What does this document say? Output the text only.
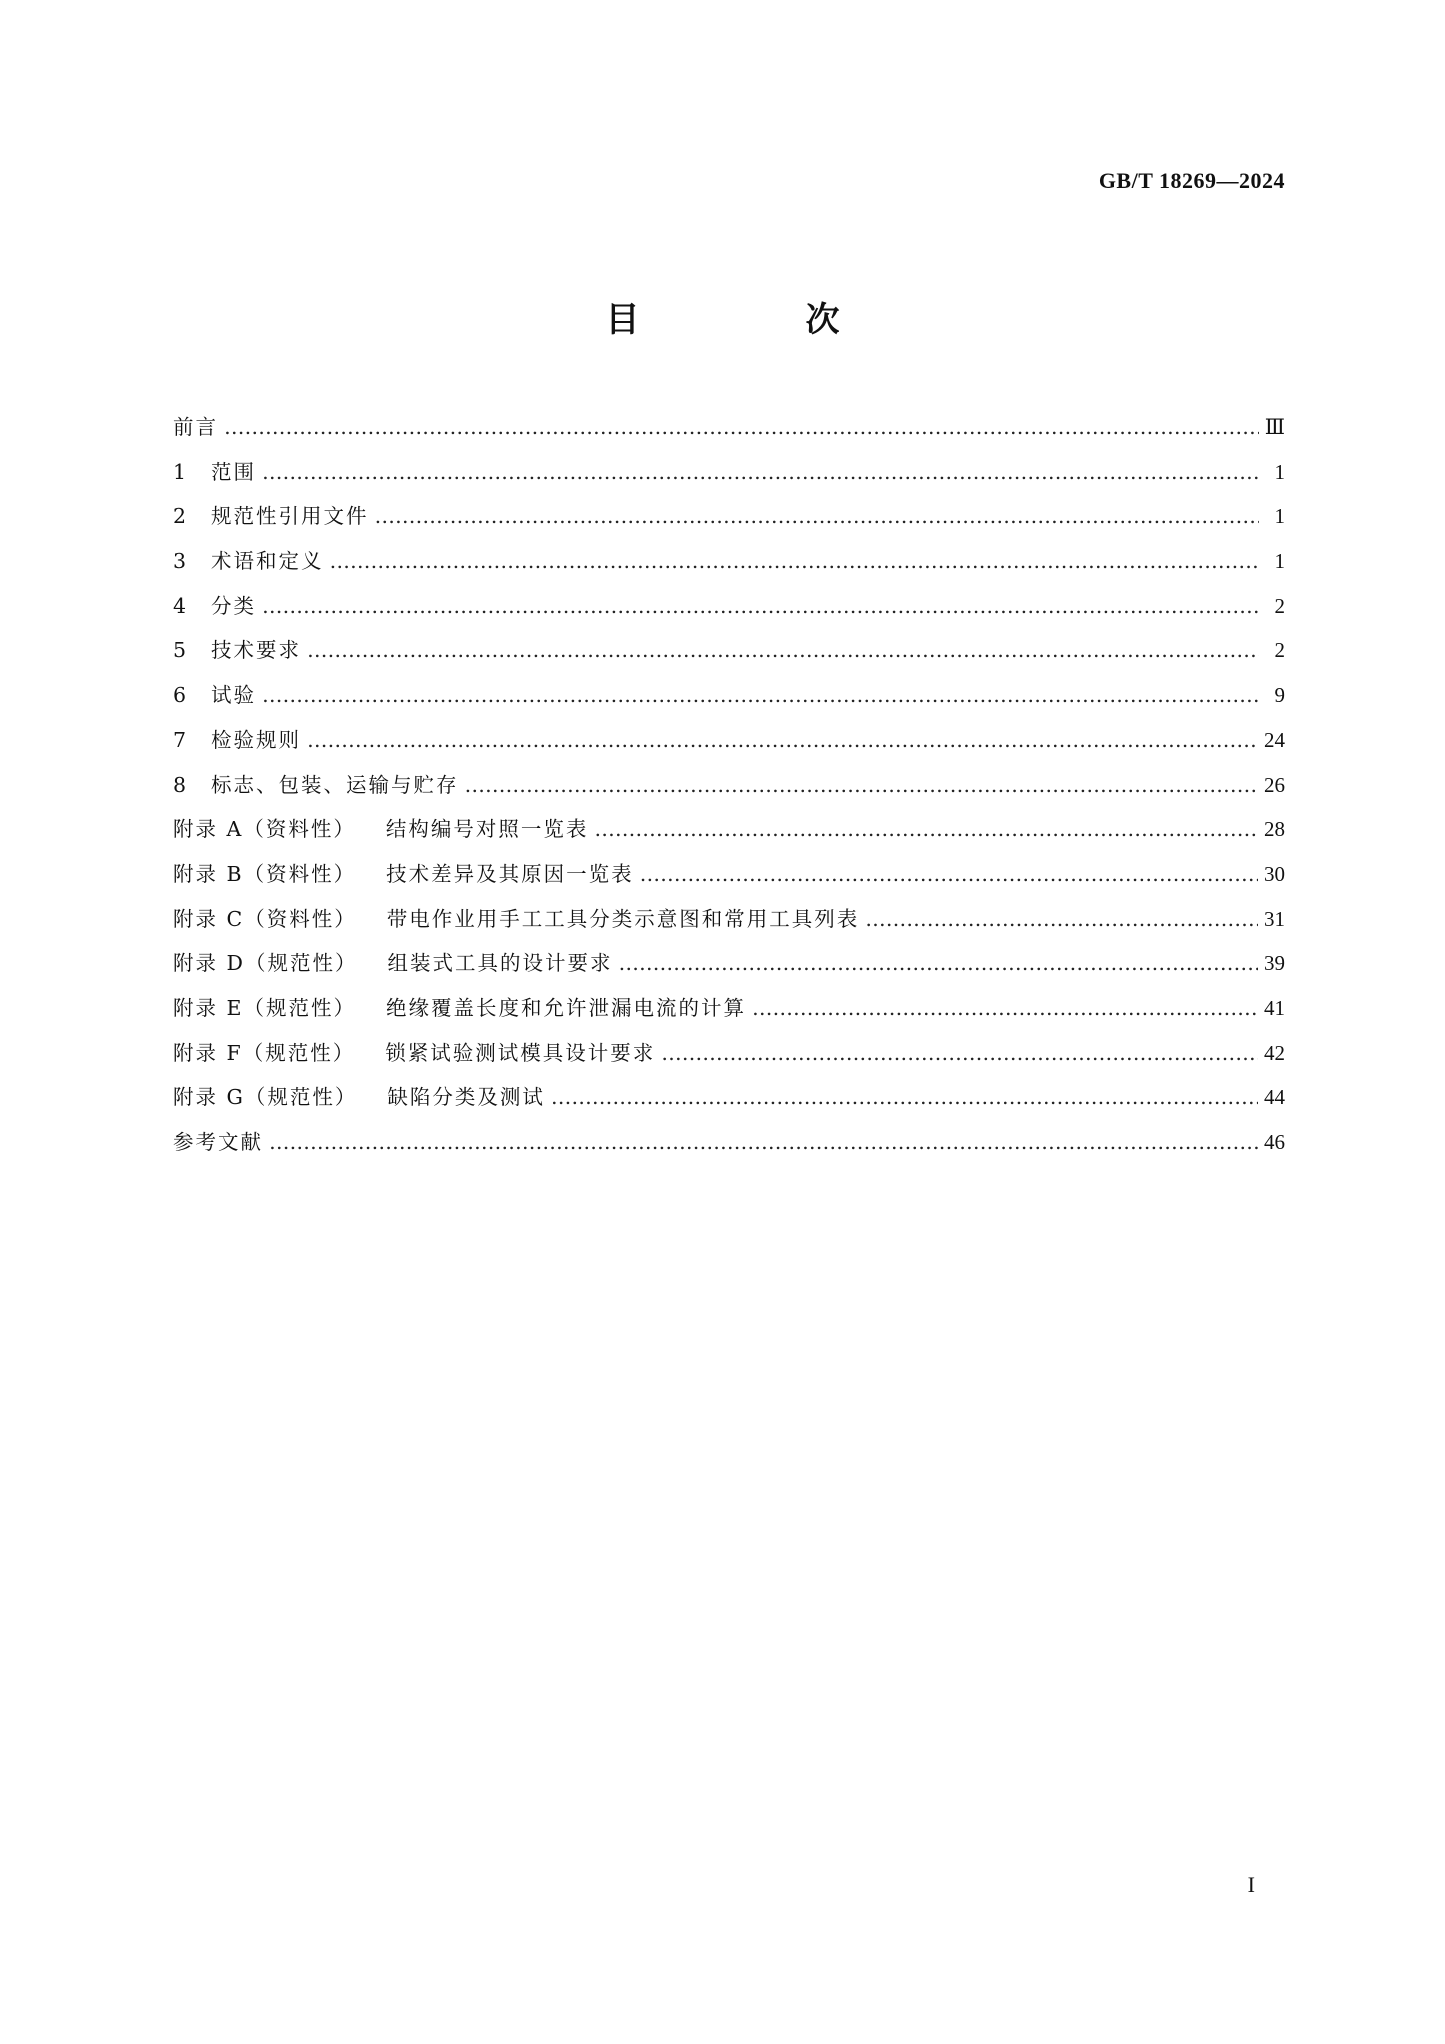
GB/T 18269—2024
目　次
前言 …………………………………………………………………………………………………………………………………………………………………………………………………………………………	Ⅲ
1	范围 …………………………………………………………………………………………………………………………………………………………………………………………………………………………	1
2	规范性引用文件 …………………………………………………………………………………………………………………………………………………………………………………………………………………………	1
3	术语和定义 …………………………………………………………………………………………………………………………………………………………………………………………………………………………	1
4	分类 …………………………………………………………………………………………………………………………………………………………………………………………………………………………	2
5	技术要求 …………………………………………………………………………………………………………………………………………………………………………………………………………………………	2
6	试验 …………………………………………………………………………………………………………………………………………………………………………………………………………………………	9
7	检验规则 …………………………………………………………………………………………………………………………………………………………………………………………………………………………	24
8	标志、包装、运输与贮存 …………………………………………………………………………………………………………………………………………………………………………………………………………………………	26
附录 A（资料性） 结构编号对照一览表 …………………………………………………………………………………………………………………………………………………………………………………………………………………………	28
附录 B（资料性） 技术差异及其原因一览表 …………………………………………………………………………………………………………………………………………………………………………………………………………………………	30
附录 C（资料性） 带电作业用手工工具分类示意图和常用工具列表 …………………………………………………………………………………………………………………………………………………………………………………………………………………………	31
附录 D（规范性） 组装式工具的设计要求 …………………………………………………………………………………………………………………………………………………………………………………………………………………………	39
附录 E（规范性） 绝缘覆盖长度和允许泄漏电流的计算 …………………………………………………………………………………………………………………………………………………………………………………………………………………………	41
附录 F（规范性） 锁紧试验测试模具设计要求 …………………………………………………………………………………………………………………………………………………………………………………………………………………………	42
附录 G（规范性） 缺陷分类及测试 …………………………………………………………………………………………………………………………………………………………………………………………………………………………	44
参考文献 …………………………………………………………………………………………………………………………………………………………………………………………………………………………	46
I
